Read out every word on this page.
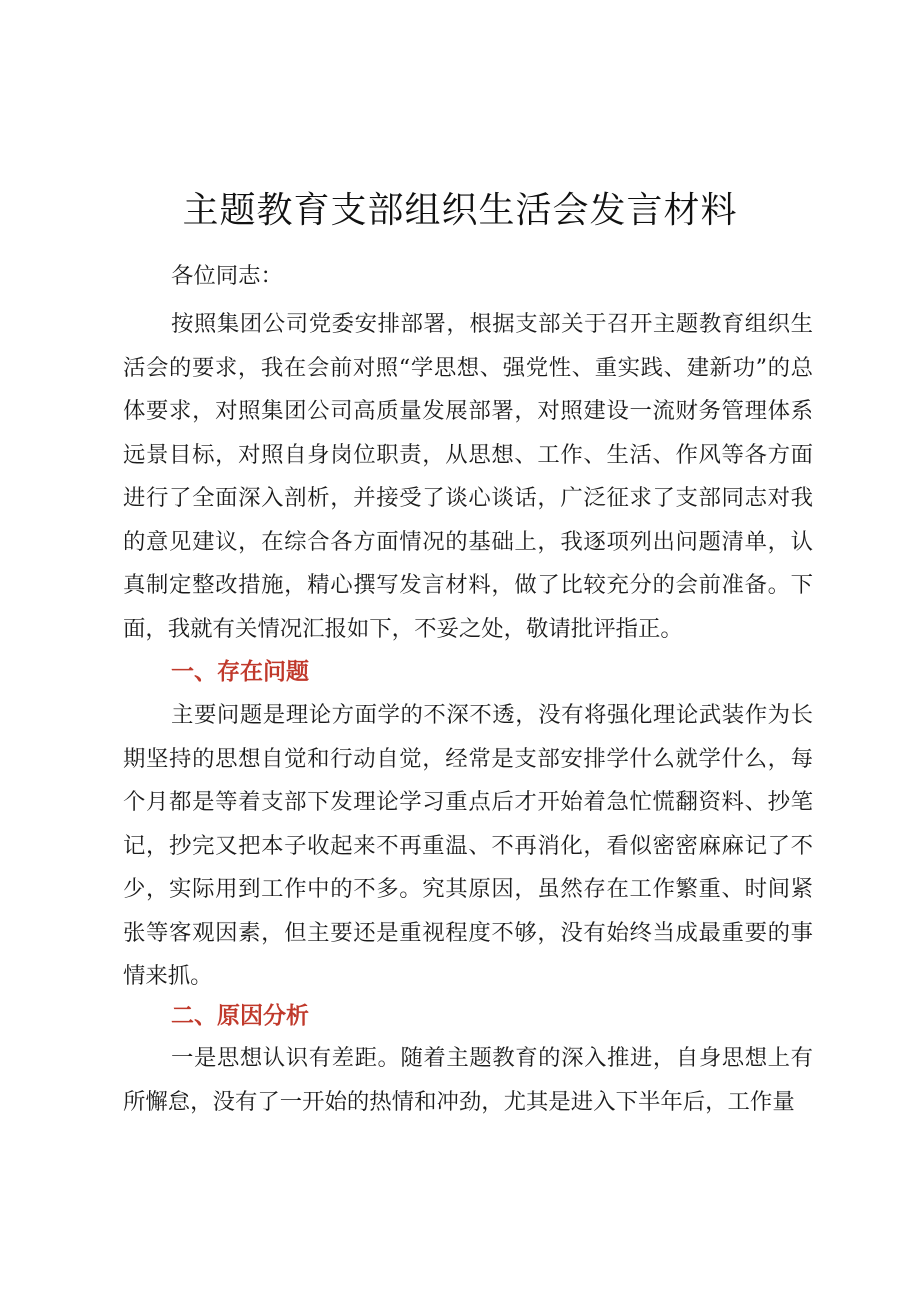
主题教育支部组织生活会发言材料

各位同志：

按照集团公司党委安排部署，根据支部关于召开主题教育组织生活会的要求，我在会前对照“学思想、强党性、重实践、建新功”的总体要求，对照集团公司高质量发展部署，对照建设一流财务管理体系远景目标，对照自身岗位职责，从思想、工作、生活、作风等各方面进行了全面深入剖析，并接受了谈心谈话，广泛征求了支部同志对我的意见建议，在综合各方面情况的基础上，我逐项列出问题清单，认真制定整改措施，精心撰写发言材料，做了比较充分的会前准备。下面，我就有关情况汇报如下，不妥之处，敬请批评指正。

一、存在问题

主要问题是理论方面学的不深不透，没有将强化理论武装作为长期坚持的思想自觉和行动自觉，经常是支部安排学什么就学什么，每个月都是等着支部下发理论学习重点后才开始着急忙慌翻资料、抄笔记，抄完又把本子收起来不再重温、不再消化，看似密密麻麻记了不少，实际用到工作中的不多。究其原因，虽然存在工作繁重、时间紧张等客观因素，但主要还是重视程度不够，没有始终当成最重要的事情来抓。

二、原因分析

一是思想认识有差距。随着主题教育的深入推进，自身思想上有所懈怠，没有了一开始的热情和冲劲，尤其是进入下半年后，工作量
